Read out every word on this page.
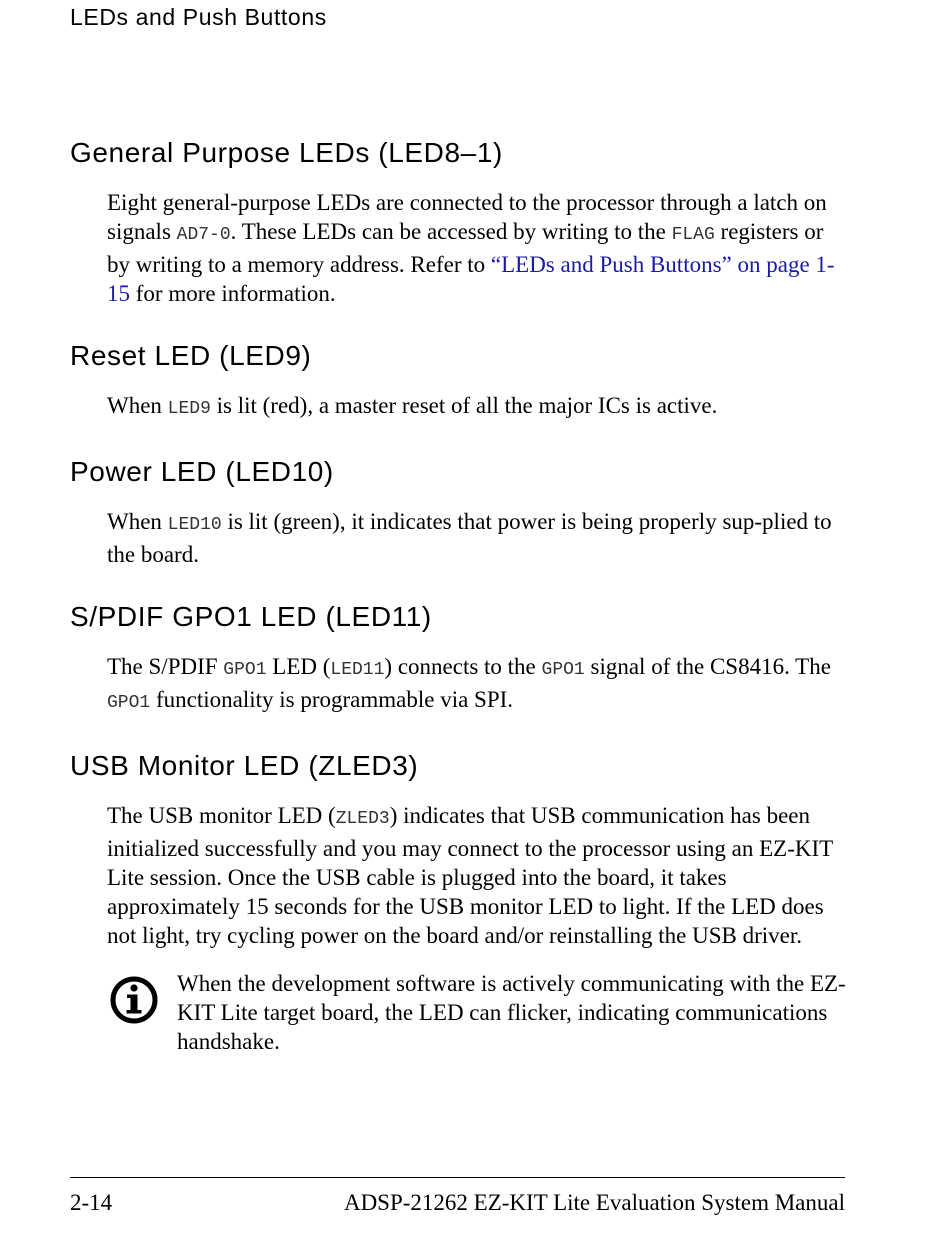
LEDs and Push Buttons
General Purpose LEDs (LED8–1)

Eight general-purpose LEDs are connected to the processor through a latch on signals AD7-0. These LEDs can be accessed by writing to the FLAG registers or by writing to a memory address. Refer to “LEDs and Push Buttons” on page 1-15 for more information.

Reset LED (LED9)

When LED9 is lit (red), a master reset of all the major ICs is active.

Power LED (LED10)

When LED10 is lit (green), it indicates that power is being properly sup-plied to the board.

S/PDIF GPO1 LED (LED11)

The S/PDIF GPO1 LED (LED11) connects to the GPO1 signal of the CS8416. The GPO1 functionality is programmable via SPI.

USB Monitor LED (ZLED3)

The USB monitor LED (ZLED3) indicates that USB communication has been initialized successfully and you may connect to the processor using an EZ-KIT Lite session. Once the USB cable is plugged into the board, it takes approximately 15 seconds for the USB monitor LED to light. If the LED does not light, try cycling power on the board and/or reinstalling the USB driver.

When the development software is actively communicating with the EZ-KIT Lite target board, the LED can flicker, indicating communications handshake.
2-14	ADSP-21262 EZ-KIT Lite Evaluation System Manual
